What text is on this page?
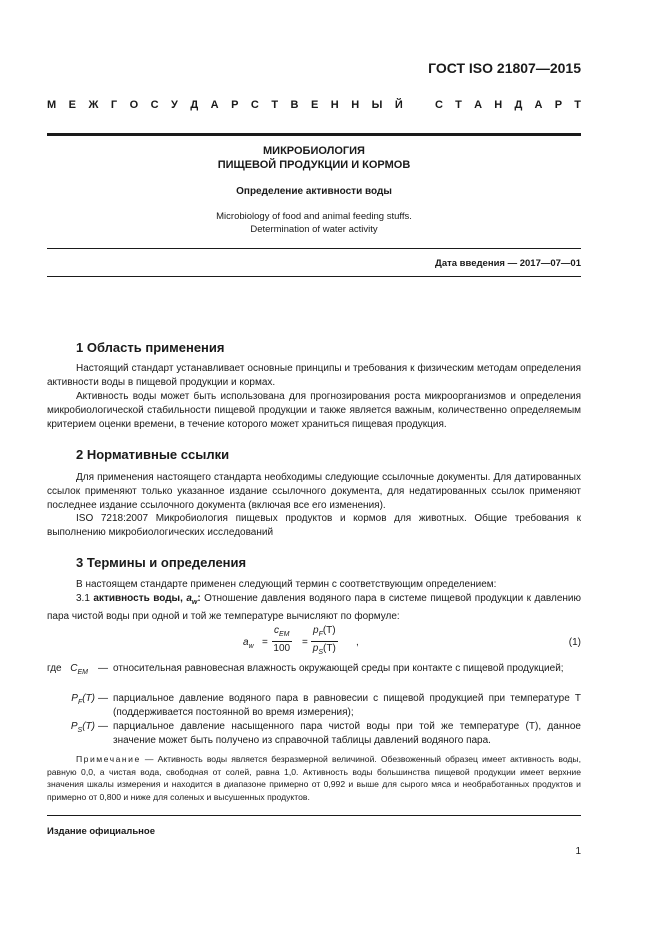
ГОСТ ISO 21807—2015
М Е Ж Г О С У Д А Р С Т В Е Н Н Ы Й	С Т А Н Д А Р Т
МИКРОБИОЛОГИЯ
ПИЩЕВОЙ ПРОДУКЦИИ И КОРМОВ
Определение активности воды
Microbiology of food and animal feeding stuffs.
Determination of water activity
Дата введения — 2017—07—01
1 Область применения
Настоящий стандарт устанавливает основные принципы и требования к физическим методам определения активности воды в пищевой продукции и кормах.
Активность воды может быть использована для прогнозирования роста микроорганизмов и определения микробиологической стабильности пищевой продукции и также является важным, количественно определяемым критерием оценки времени, в течение которого может храниться пищевая продукция.
2 Нормативные ссылки
Для применения настоящего стандарта необходимы следующие ссылочные документы. Для датированных ссылок применяют только указанное издание ссылочного документа, для недатированных ссылок применяют последнее издание ссылочного документа (включая все его изменения).
ISO 7218:2007 Микробиология пищевых продуктов и кормов для животных. Общие требования к выполнению микробиологических исследований
3 Термины и определения
В настоящем стандарте применен следующий термин с соответствующим определением:
3.1 активность воды, $a_w$: Отношение давления водяного пара в системе пищевой продукции к давлению пара чистой воды при одной и той же температуре вычисляют по формуле:
$a_w$ =
$c_{EM}$
100
= $\frac{p_F(T)}{p_S(T)}$ ,	(1)
где $C_{EM}$ — относительная равновесная влажность окружающей среды при контакте с пищевой продукцией;
$P_F(T)$ — парциальное давление водяного пара в равновесии с пищевой продукцией при температуре T (поддерживается постоянной во время измерения);
$P_S(T)$ — парциальное давление насыщенного пара чистой воды при той же температуре (T), данное значение может быть получено из справочной таблицы давлений водяного пара.
Примечание — Активность воды является безразмерной величиной. Обезвоженный образец имеет активность воды, равную 0,0, а чистая вода, свободная от солей, равна 1,0. Активность воды большинства пищевой продукции имеет верхние значения шкалы измерения и находится в диапазоне примерно от 0,992 и выше для сырого мяса и необработанных продуктов и примерно от 0,800 и ниже для соленых и высушенных продуктов.
Издание официальное
1
